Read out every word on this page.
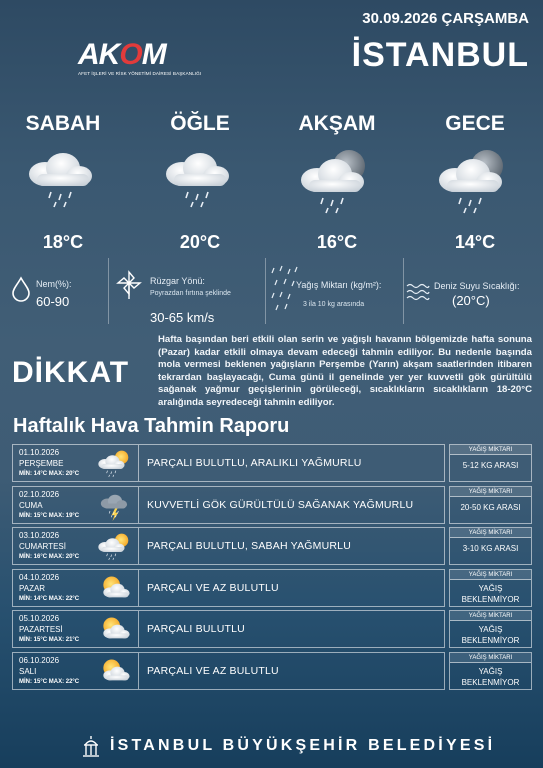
AKOM
AFET İŞLERİ VE RİSK YÖNETİMİ DAİRESİ BAŞKANLIĞI
30.09.2026 ÇARŞAMBA
İSTANBUL
SABAH
18°C
ÖĞLE
20°C
AKŞAM
16°C
GECE
14°C
Nem(%):
60-90
Rüzgar Yönü:
Poyrazdan fırtına şeklinde
30-65 km/s
Yağış Miktarı (kg/m²):
3 ila 10 kg arasında
Deniz Suyu Sıcaklığı:
(20°C)
DİKKAT
Hafta başından beri etkili olan serin ve yağışlı havanın bölgemizde hafta sonuna (Pazar) kadar etkili olmaya devam edeceği tahmin ediliyor. Bu nedenle başında mola vermesi beklenen yağışların Perşembe (Yarın) akşam saatlerinden itibaren tekrardan başlayacağı, Cuma günü il genelinde yer yer kuvvetli gök gürültülü sağanak yağmur geçişlerinin görüleceği, sıcaklıkların sıcaklıkların 18-20°C aralığında seyredeceği tahmin ediliyor.
Haftalık Hava Tahmin Raporu
01.10.2026
PERŞEMBE
MİN: 14°C MAX: 20°C
PARÇALI BULUTLU, ARALIKLI YAĞMURLU
YAĞIŞ MİKTARI
5-12 KG ARASI
02.10.2026
CUMA
MİN: 15°C MAX: 19°C
KUVVETLİ GÖK GÜRÜLTÜLÜ SAĞANAK YAĞMURLU
YAĞIŞ MİKTARI
20-50 KG ARASI
03.10.2026
CUMARTESİ
MİN: 16°C MAX: 20°C
PARÇALI BULUTLU, SABAH YAĞMURLU
YAĞIŞ MİKTARI
3-10 KG ARASI
04.10.2026
PAZAR
MİN: 14°C MAX: 22°C
PARÇALI VE AZ BULUTLU
YAĞIŞ MİKTARI
YAĞIŞ BEKLENMİYOR
05.10.2026
PAZARTESİ
MİN: 15°C MAX: 21°C
PARÇALI BULUTLU
YAĞIŞ MİKTARI
YAĞIŞ BEKLENMİYOR
06.10.2026
SALI
MİN: 15°C MAX: 22°C
PARÇALI VE AZ BULUTLU
YAĞIŞ MİKTARI
YAĞIŞ BEKLENMİYOR
İSTANBUL BÜYÜKŞEHİR BELEDİYESİ
